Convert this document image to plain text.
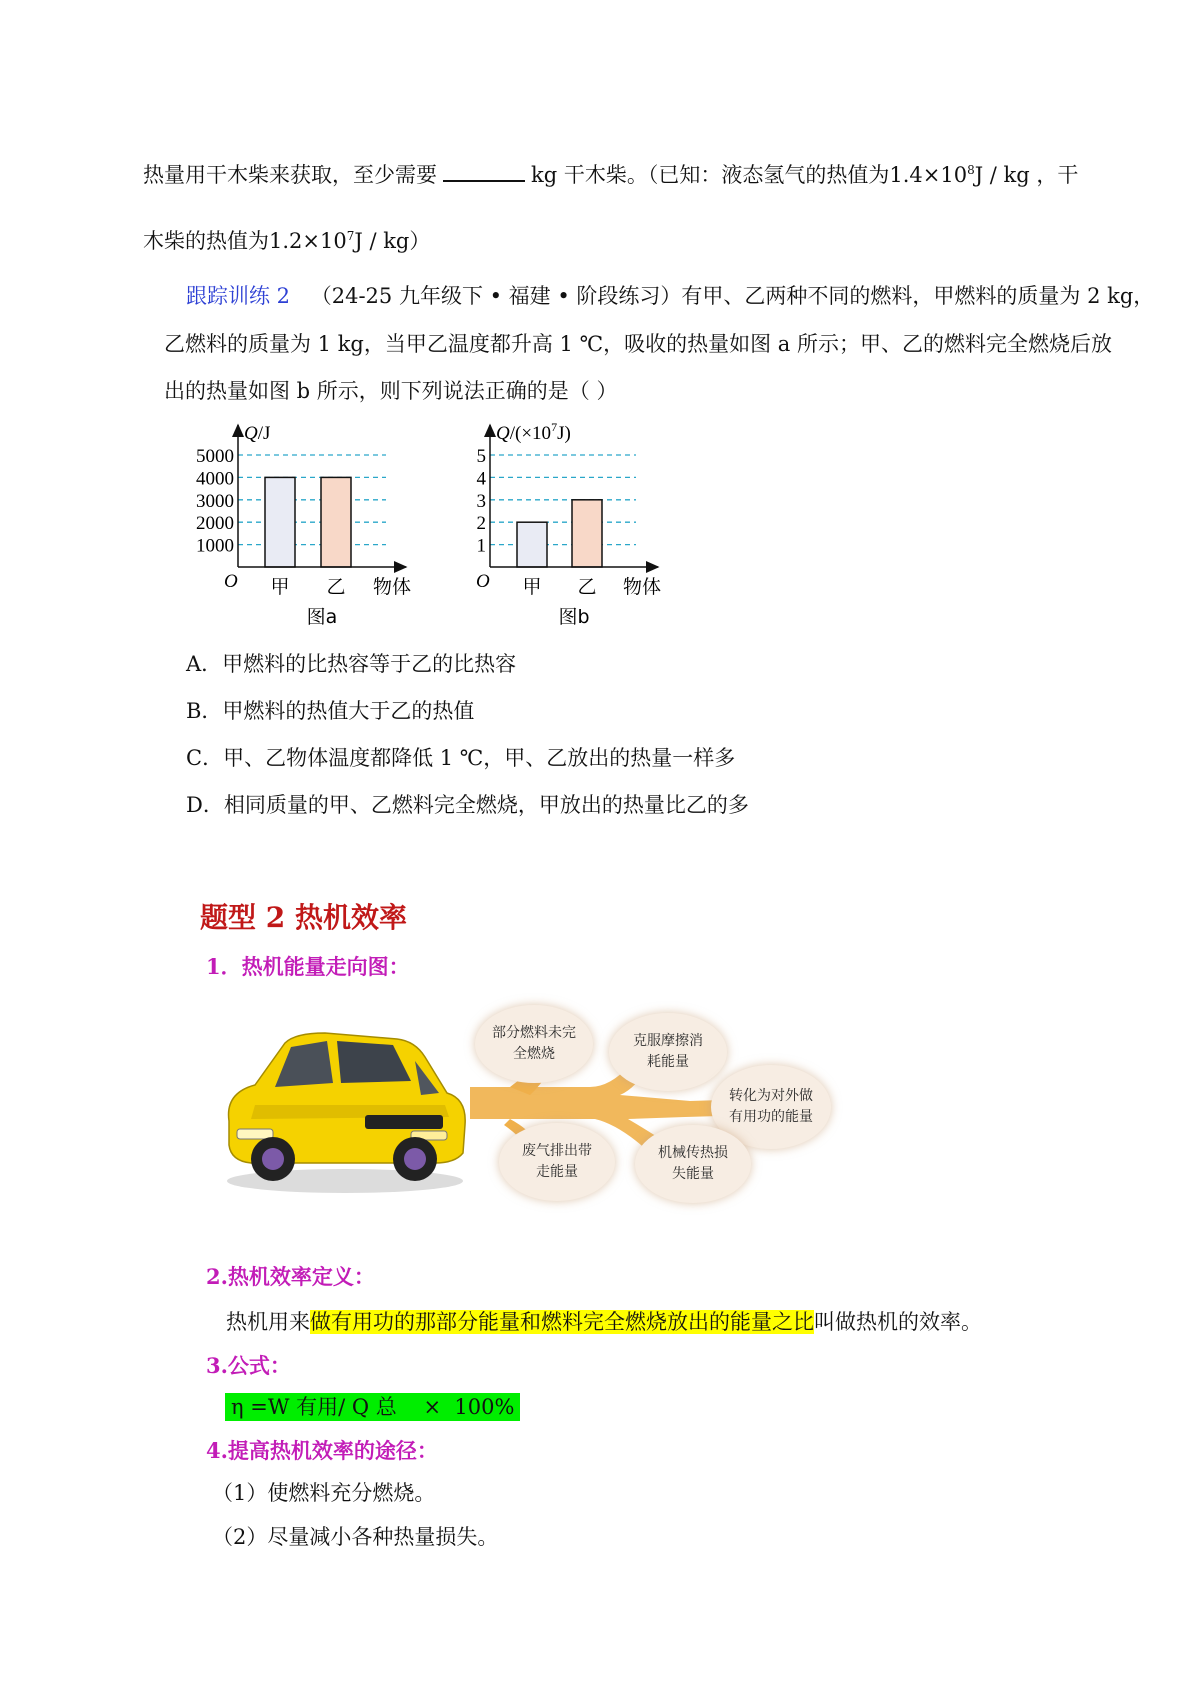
热量用干木柴来获取，至少需要	kg 干木柴。（已知：液态氢气的热值为$1.4\times 10^8J$ / kg ，干
木柴的热值为$1.2\times 10^7J / kg$）
跟踪训练 2 （24-25 九年级下 • 福建 • 阶段练习）有甲、乙两种不同的燃料，甲燃料的质量为 2 kg，
乙燃料的质量为 1 kg，当甲乙温度都升高 1 ℃，吸收的热量如图 a 所示；甲、乙的燃料完全燃烧后放
出的热量如图 b 所示，则下列说法正确的是（ ）
Q/J
1000
2000
3000
4000
5000
O 甲 乙 物体
图a
$Q/(\times 10^7J)$
1
2
3
4
5
O 甲 乙 物体
图b
A．甲燃料的比热容等于乙的比热容
B．甲燃料的热值大于乙的热值
C．甲、乙物体温度都降低 1 ℃，甲、乙放出的热量一样多
D．相同质量的甲、乙燃料完全燃烧，甲放出的热量比乙的多
题型 2 热机效率
1．热机能量走向图：
部分燃料未完全燃烧
克服摩擦消耗能量
转化为对外做有用功的能量
废气排出带走能量
机械传热损失能量
2.热机效率定义：
热机用来做有用功的那部分能量和燃料完全燃烧放出的能量之比叫做热机的效率。
3.公式：
η =W 有用/ Q 总    ×  100%
4.提高热机效率的途径：
（1）使燃料充分燃烧。
（2）尽量减小各种热量损失。
